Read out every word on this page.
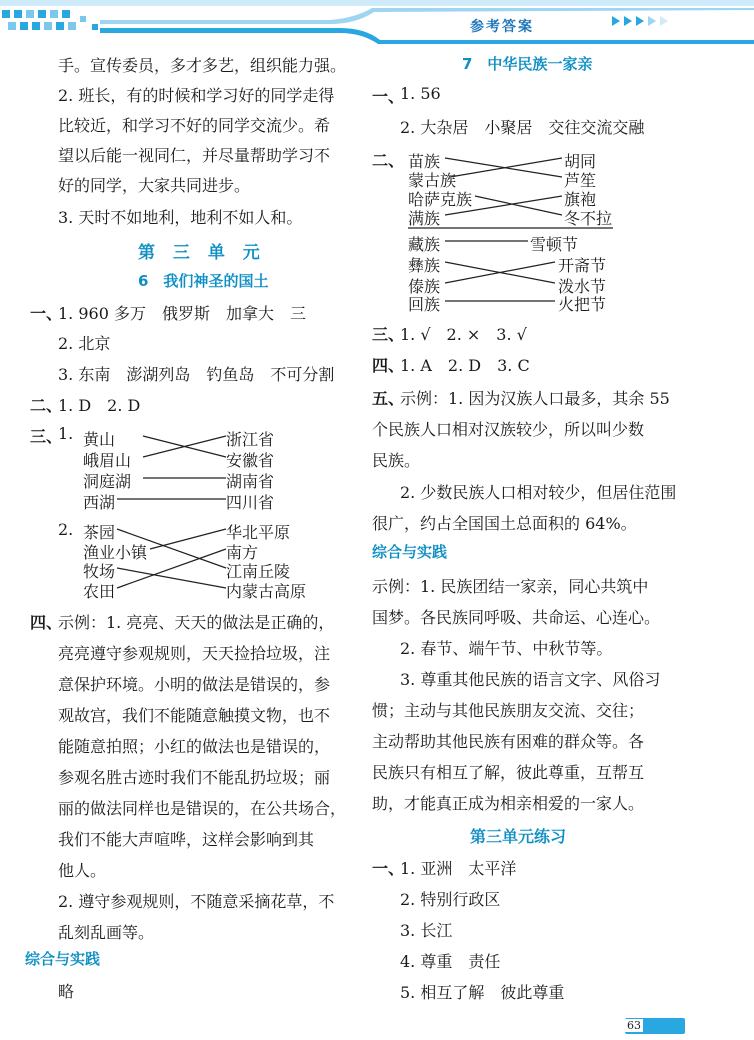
参考答案
手。宣传委员，多才多艺，组织能力强。
2. 班长，有的时候和学习好的同学走得
比较近，和学习不好的同学交流少。希
望以后能一视同仁，并尽量帮助学习不
好的同学，大家共同进步。
3. 天时不如地利，地利不如人和。
第 三 单 元
6　我们神圣的国土
一、
1. 960 多万　俄罗斯　加拿大　三
2. 北京
3. 东南　澎湖列岛　钓鱼岛　不可分割
二、
1. D　2. D
三、
1. 黄山
峨眉山
洞庭湖
西湖
浙江省
安徽省
湖南省
四川省
2. 茶园
渔业小镇
牧场
农田
华北平原
南方
江南丘陵
内蒙古高原
四、
示例：1. 亮亮、天天的做法是正确的，
亮亮遵守参观规则，天天捡拾垃圾，注
意保护环境。小明的做法是错误的，参
观故宫，我们不能随意触摸文物，也不
能随意拍照；小红的做法也是错误的，
参观名胜古迹时我们不能乱扔垃圾；丽
丽的做法同样也是错误的，在公共场合，
我们不能大声喧哗，这样会影响到其
他人。
2. 遵守参观规则，不随意采摘花草，不
乱刻乱画等。
综合与实践
略
7　中华民族一家亲
一、
1. 56
2. 大杂居　小聚居　交往交流交融
二、 苗族
蒙古族
哈萨克族
满族
胡同
芦笙
旗袍
冬不拉
藏族
彝族
傣族
回族
雪顿节
开斋节
泼水节
火把节
三、
1. √　2. ×　3. √
四、
1. A　2. D　3. C
五、
示例：1. 因为汉族人口最多，其余 55
个民族人口相对汉族较少，所以叫少数
民族。
2. 少数民族人口相对较少，但居住范围
很广，约占全国国土总面积的 64%。
综合与实践
示例：1. 民族团结一家亲，同心共筑中
国梦。各民族同呼吸、共命运、心连心。
2. 春节、端午节、中秋节等。
3. 尊重其他民族的语言文字、风俗习
惯；主动与其他民族朋友交流、交往；
主动帮助其他民族有困难的群众等。各
民族只有相互了解，彼此尊重，互帮互
助，才能真正成为相亲相爱的一家人。
第三单元练习
一、
1. 亚洲　太平洋
2. 特别行政区
3. 长江
4. 尊重　责任
5. 相互了解　彼此尊重
63
